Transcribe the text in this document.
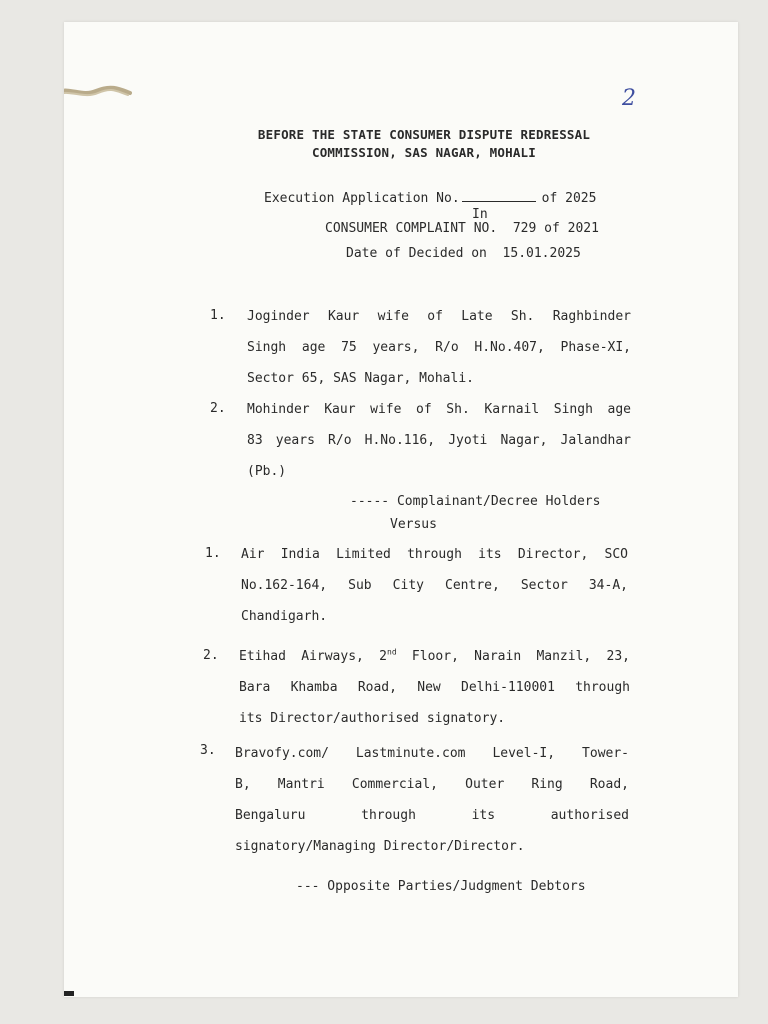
2
BEFORE THE STATE CONSUMER DISPUTE REDRESSAL
COMMISSION, SAS NAGAR, MOHALI
Execution Application No.	of 2025
In
CONSUMER COMPLAINT NO. 729 of 2021
Date of Decided on 15.01.2025
1. Joginder Kaur wife of Late Sh. Raghbinder
Singh age 75 years, R/o H.No.407, Phase-XI,
Sector 65, SAS Nagar, Mohali.
2. Mohinder Kaur wife of Sh. Karnail Singh age
83 years R/o H.No.116, Jyoti Nagar, Jalandhar
(Pb.)
----- Complainant/Decree Holders
Versus
1. Air India Limited through its Director, SCO
No.162-164, Sub City Centre, Sector 34-A,
Chandigarh.
2. Etihad Airways, 2nd Floor, Narain Manzil, 23,
Bara Khamba Road, New Delhi-110001 through
its Director/authorised signatory.
3. Bravofy.com/ Lastminute.com Level-I, Tower-
B, Mantri Commercial, Outer Ring Road,
Bengaluru through its authorised
signatory/Managing Director/Director.
--- Opposite Parties/Judgment Debtors
